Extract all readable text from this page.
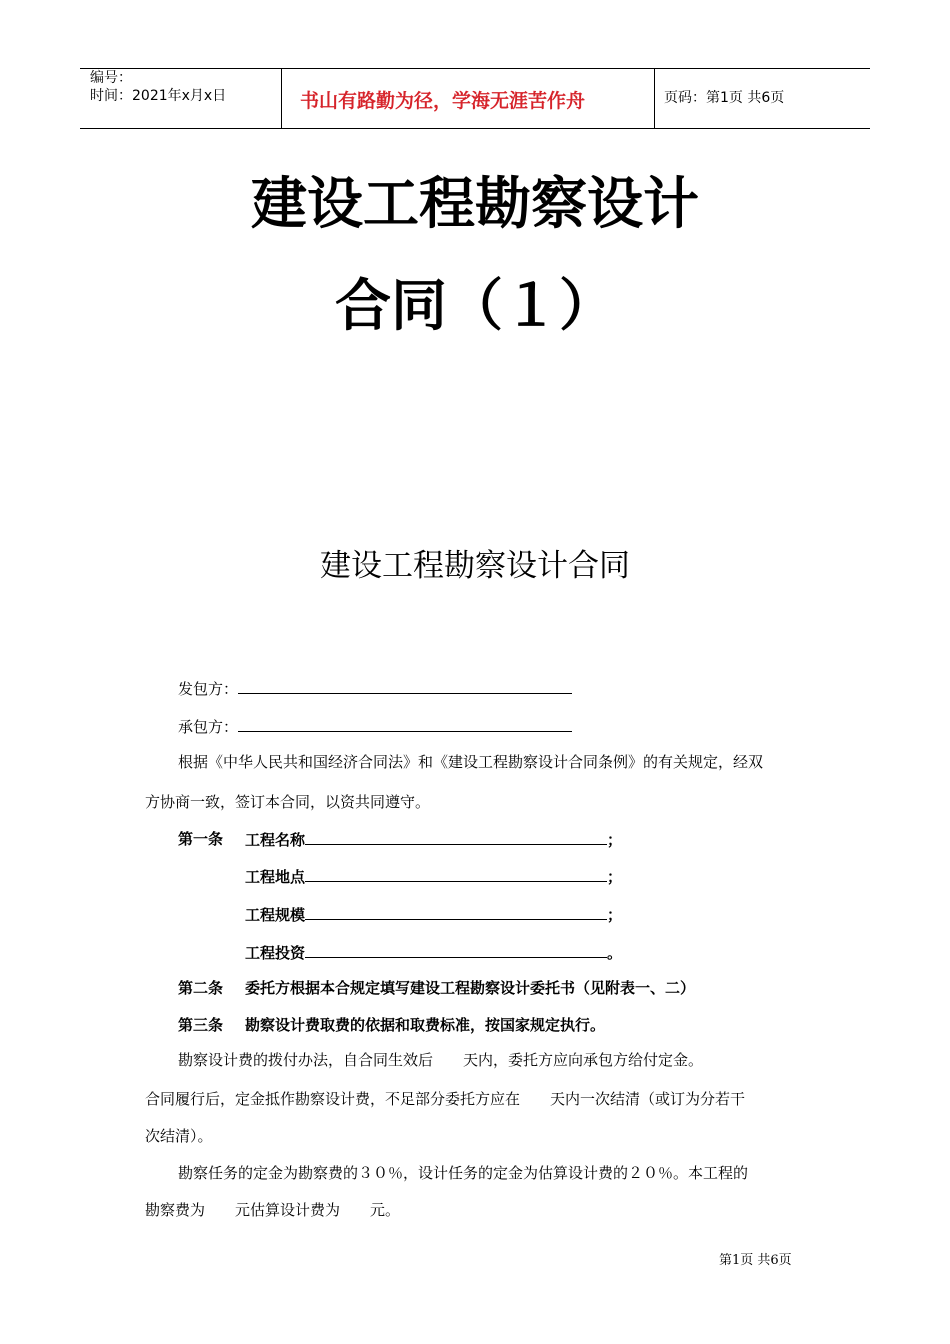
编号：
时间：2021年x月x日	书山有路勤为径，学海无涯苦作舟	页码：第1页 共6页
建设工程勘察设计
合同（１）
建设工程勘察设计合同
发包方：
承包方：
根据《中华人民共和国经济合同法》和《建设工程勘察设计合同条例》的有关规定，经双
方协商一致，签订本合同，以资共同遵守。
第一条 工程名称	；
工程地点	；
工程规模	；
工程投资	。
第二条 委托方根据本合规定填写建设工程勘察设计委托书（见附表一、二）
第三条 勘察设计费取费的依据和取费标准，按国家规定执行。
勘察设计费的拨付办法，自合同生效后　　天内，委托方应向承包方给付定金。
合同履行后，定金抵作勘察设计费，不足部分委托方应在　　天内一次结清（或订为分若干
次结清）。
勘察任务的定金为勘察费的３０％，设计任务的定金为估算设计费的２０％。本工程的
勘察费为　　元估算设计费为　　元。
第1页 共6页
